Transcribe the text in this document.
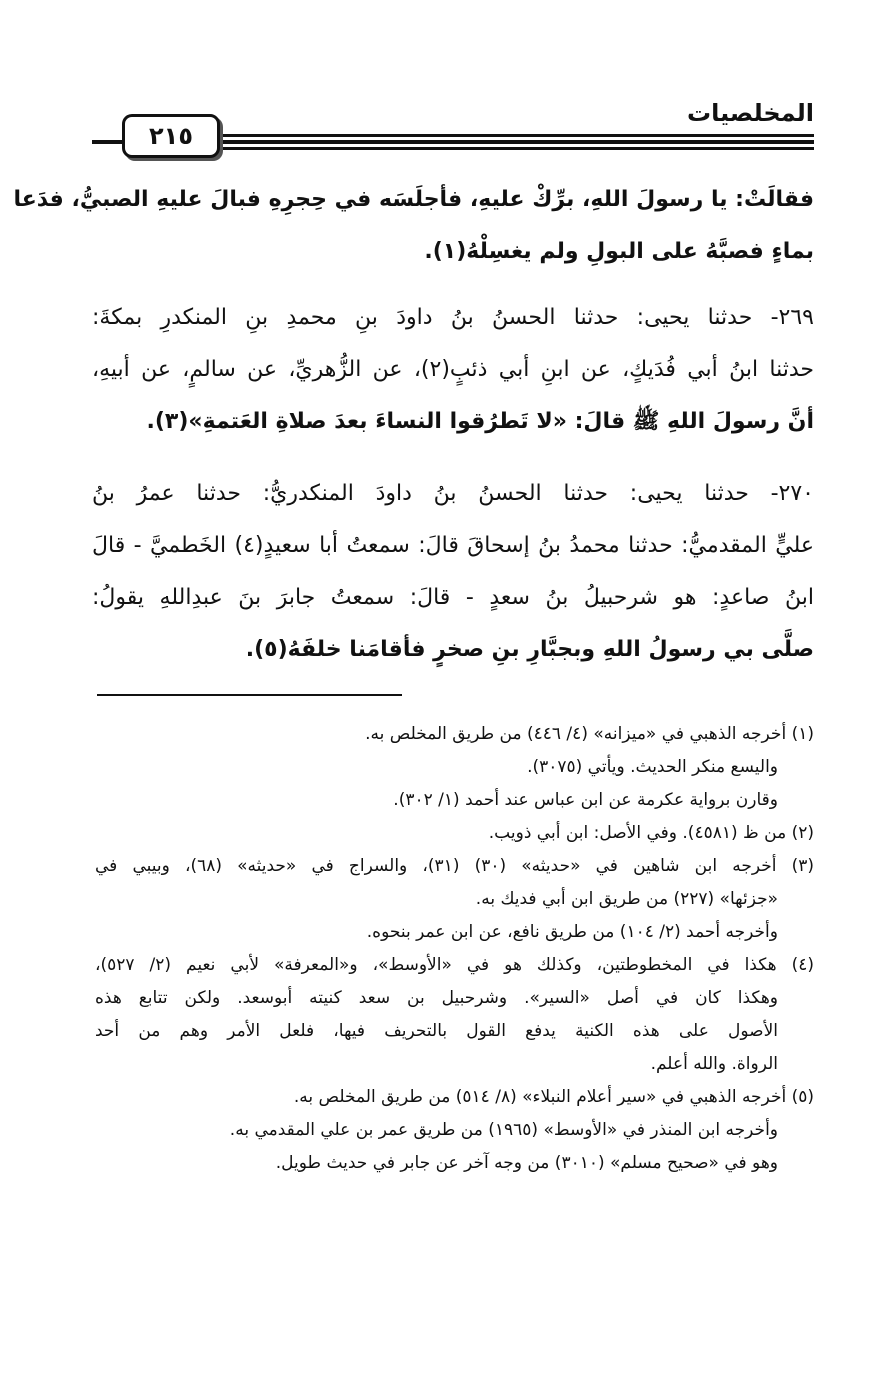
المخلصيات
٢١٥
فقالَتْ: يا رسولَ اللهِ، برِّكْ عليهِ، فأجلَسَه في حِجرِهِ فبالَ عليهِ الصبيُّ، فدَعا
بماءٍ فصبَّهُ على البولِ ولم يغسِلْهُ(١).
٢٦٩- حدثنا يحيى: حدثنا الحسنُ بنُ داودَ بنِ محمدِ بنِ المنكدرِ بمكةَ:
حدثنا ابنُ أبي فُدَيكٍ، عن ابنِ أبي ذئبٍ(٢)، عن الزُّهريِّ، عن سالمٍ، عن أبيهِ،
أنَّ رسولَ اللهِ ﷺ قالَ: «لا تَطرُقوا النساءَ بعدَ صلاةِ العَتمةِ»(٣).
٢٧٠- حدثنا يحيى: حدثنا الحسنُ بنُ داودَ المنكدريُّ: حدثنا عمرُ بنُ
عليٍّ المقدميُّ: حدثنا محمدُ بنُ إسحاقَ قالَ: سمعتُ أبا سعيدٍ(٤) الخَطميَّ - قالَ
ابنُ صاعدٍ: هو شرحبيلُ بنُ سعدٍ - قالَ: سمعتُ جابرَ بنَ عبدِاللهِ يقولُ:
صلَّى بي رسولُ اللهِ وبجبَّارِ بنِ صخرٍ فأقامَنا خلفَهُ(٥).
(١) أخرجه الذهبي في «ميزانه» (٤/ ٤٤٦) من طريق المخلص به.
واليسع منكر الحديث. ويأتي (٣٠٧٥).
وقارن برواية عكرمة عن ابن عباس عند أحمد (١/ ٣٠٢).
(٢) من ظ (٤٥٨١). وفي الأصل: ابن أبي ذويب.
(٣) أخرجه ابن شاهين في «حديثه» (٣٠) (٣١)، والسراج في «حديثه» (٦٨)، وبيبي في
«جزئها» (٢٢٧) من طريق ابن أبي فديك به.
وأخرجه أحمد (٢/ ١٠٤) من طريق نافع، عن ابن عمر بنحوه.
(٤) هكذا في المخطوطتين، وكذلك هو في «الأوسط»، و«المعرفة» لأبي نعيم (٢/ ٥٢٧)،
وهكذا كان في أصل «السير». وشرحبيل بن سعد كنيته أبوسعد. ولكن تتابع هذه
الأصول على هذه الكنية يدفع القول بالتحريف فيها، فلعل الأمر وهم من أحد
الرواة. والله أعلم.
(٥) أخرجه الذهبي في «سير أعلام النبلاء» (٨/ ٥١٤) من طريق المخلص به.
وأخرجه ابن المنذر في «الأوسط» (١٩٦٥) من طريق عمر بن علي المقدمي به.
وهو في «صحيح مسلم» (٣٠١٠) من وجه آخر عن جابر في حديث طويل.
